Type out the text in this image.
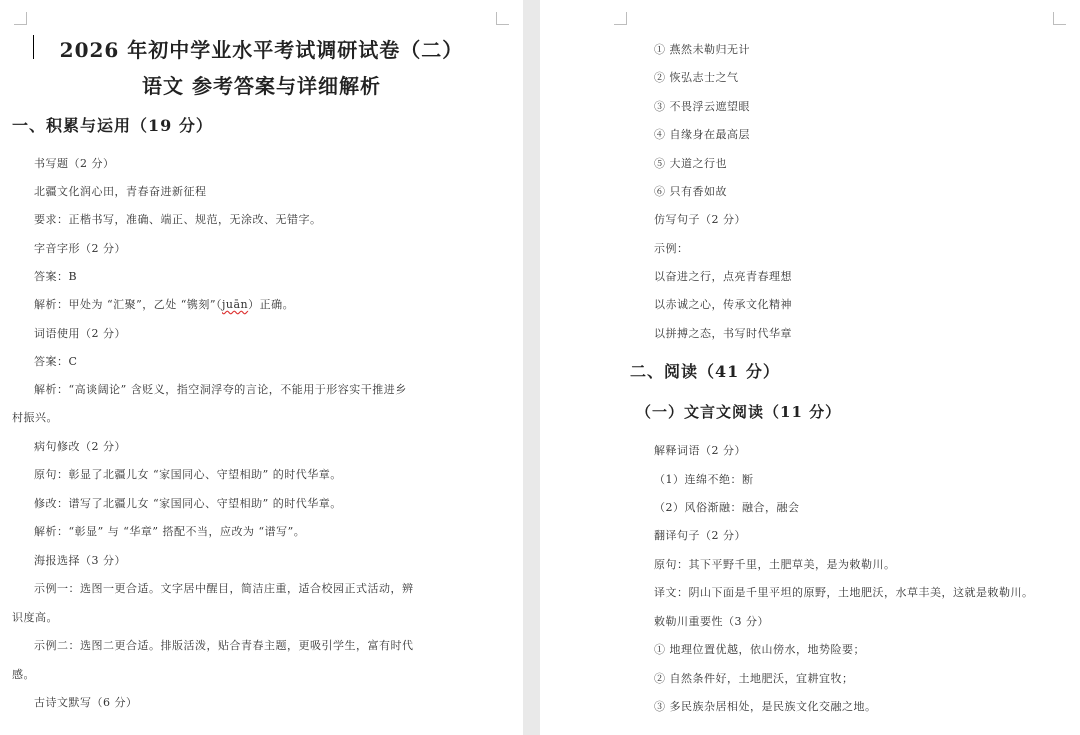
2026 年初中学业水平考试调研试卷（二）
语文 参考答案与详细解析
一、积累与运用（19 分）
书写题（2 分）
北疆文化润心田，青春奋进新征程
要求：正楷书写，准确、端正、规范，无涂改、无错字。
字音字形（2 分）
答案：B
解析：甲处为 “汇聚”，乙处 “镌刻”（juān）正确。
词语使用（2 分）
答案：C
解析：“高谈阔论” 含贬义，指空洞浮夸的言论，不能用于形容实干推进乡
村振兴。
病句修改（2 分）
原句：彰显了北疆儿女 “家国同心、守望相助” 的时代华章。
修改：谱写了北疆儿女 “家国同心、守望相助” 的时代华章。
解析：“彰显” 与 “华章” 搭配不当，应改为 “谱写”。
海报选择（3 分）
示例一：选图一更合适。文字居中醒目，简洁庄重，适合校园正式活动，辨
识度高。
示例二：选图二更合适。排版活泼，贴合青春主题，更吸引学生，富有时代
感。
古诗文默写（6 分）
① 燕然未勒归无计
② 恢弘志士之气
③ 不畏浮云遮望眼
④ 自缘身在最高层
⑤ 大道之行也
⑥ 只有香如故
仿写句子（2 分）
示例：
以奋进之行，点亮青春理想
以赤诚之心，传承文化精神
以拼搏之态，书写时代华章
二、阅读（41 分）
（一）文言文阅读（11 分）
解释词语（2 分）
（1）连绵不绝：断
（2）风俗渐融：融合，融会
翻译句子（2 分）
原句：其下平野千里，土肥草美，是为敕勒川。
译文：阴山下面是千里平坦的原野，土地肥沃，水草丰美，这就是敕勒川。
敕勒川重要性（3 分）
① 地理位置优越，依山傍水，地势险要；
② 自然条件好，土地肥沃，宜耕宜牧；
③ 多民族杂居相处，是民族文化交融之地。
